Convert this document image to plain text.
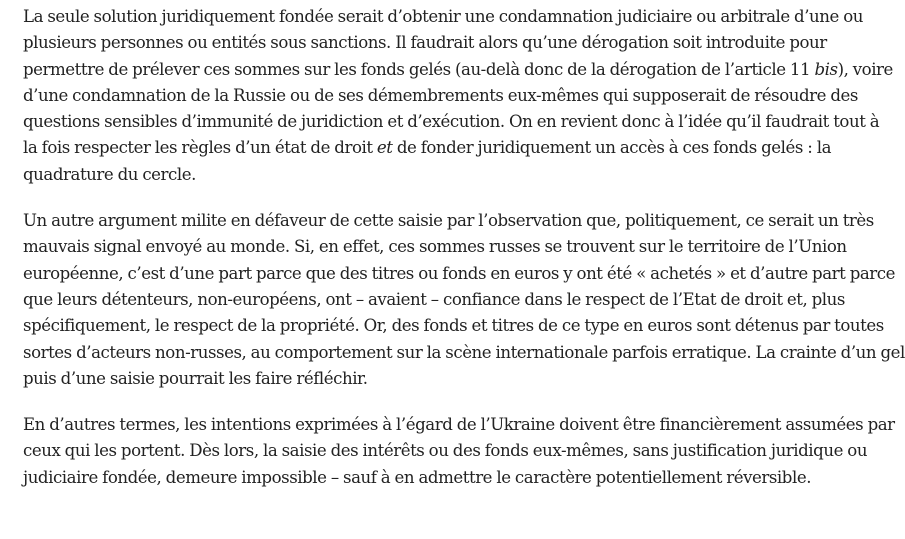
La seule solution juridiquement fondée serait d’obtenir une condamnation judiciaire ou arbitrale d’une ou
plusieurs personnes ou entités sous sanctions. Il faudrait alors qu’une dérogation soit introduite pour
permettre de prélever ces sommes sur les fonds gelés (au-delà donc de la dérogation de l’article 11 bis), voire
d’une condamnation de la Russie ou de ses démembrements eux-mêmes qui supposerait de résoudre des
questions sensibles d’immunité de juridiction et d’exécution. On en revient donc à l’idée qu’il faudrait tout à
la fois respecter les règles d’un état de droit et de fonder juridiquement un accès à ces fonds gelés : la
quadrature du cercle.

Un autre argument milite en défaveur de cette saisie par l’observation que, politiquement, ce serait un très
mauvais signal envoyé au monde. Si, en effet, ces sommes russes se trouvent sur le territoire de l’Union
européenne, c’est d’une part parce que des titres ou fonds en euros y ont été « achetés » et d’autre part parce
que leurs détenteurs, non-européens, ont – avaient – confiance dans le respect de l’Etat de droit et, plus
spécifiquement, le respect de la propriété. Or, des fonds et titres de ce type en euros sont détenus par toutes
sortes d’acteurs non-russes, au comportement sur la scène internationale parfois erratique. La crainte d’un gel
puis d’une saisie pourrait les faire réfléchir.

En d’autres termes, les intentions exprimées à l’égard de l’Ukraine doivent être financièrement assumées par
ceux qui les portent. Dès lors, la saisie des intérêts ou des fonds eux-mêmes, sans justification juridique ou
judiciaire fondée, demeure impossible – sauf à en admettre le caractère potentiellement réversible.
